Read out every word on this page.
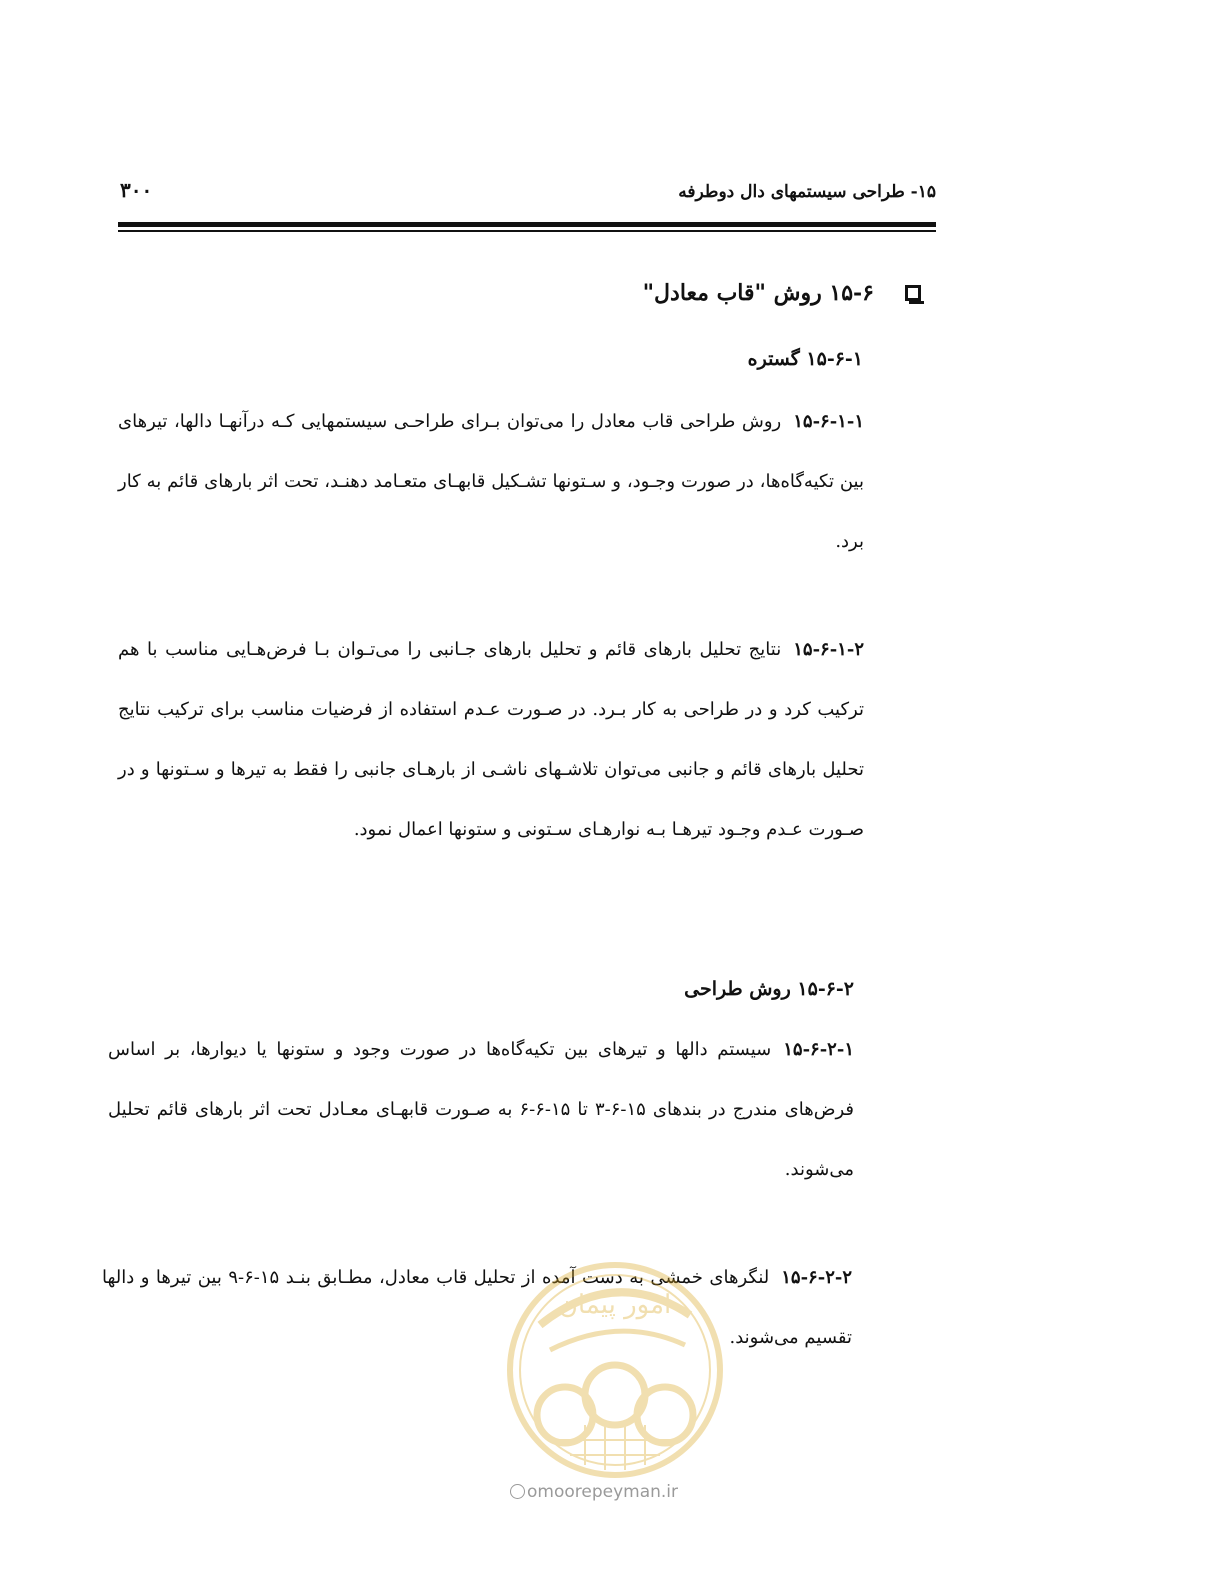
۳۰۰	۱۵- طراحی سیستمهای دال دوطرفه
۱۵-۶ روش "قاب معادل"
۱۵-۶-۱ گستره
۱۵-۶-۱-۱روش طراحی قاب معادل را می‌توان بـرای طراحـی سیستمهایی کـه درآنهـا دالها، تیرهای بین تکیه‌گاه‌ها، در صورت وجـود، و سـتونها تشـکیل قابهـای متعـامد دهنـد، تحت اثر بارهای قائم به کار برد.
۱۵-۶-۱-۲نتایج تحلیل بارهای قائم و تحلیل بارهای جـانبی را می‌تـوان بـا فرض‌هـایی مناسب با هم ترکیب کرد و در طراحی به کار بـرد. در صـورت عـدم استفاده از فرضیات مناسب برای ترکیب نتایج تحلیل بارهای قائم و جانبی می‌توان تلاشـهای ناشـی از بارهـای جانبی را فقط به تیرها و سـتونها و در صـورت عـدم وجـود تیرهـا بـه نوارهـای سـتونی و ستونها اعمال نمود.
۱۵-۶-۲ روش طراحی
۱۵-۶-۲-۱سیستم دالها و تیرهای بین تکیه‌گاه‌ها در صورت وجود و ستونها یا دیوارها، بر اساس فرض‌های مندرج در بندهای ۱۵-۶-۳ تا ۱۵-۶-۶ به صـورت قابهـای معـادل تحت اثر بارهای قائم تحلیل می‌شوند.
۱۵-۶-۲-۲لنگرهای خمشی به دست آمده از تحلیل قاب معادل، مطـابق بنـد ۱۵-۶-۹ بین تیرها و دالها تقسیم می‌شوند.
امور پیمان
omoorepeyman.ir
